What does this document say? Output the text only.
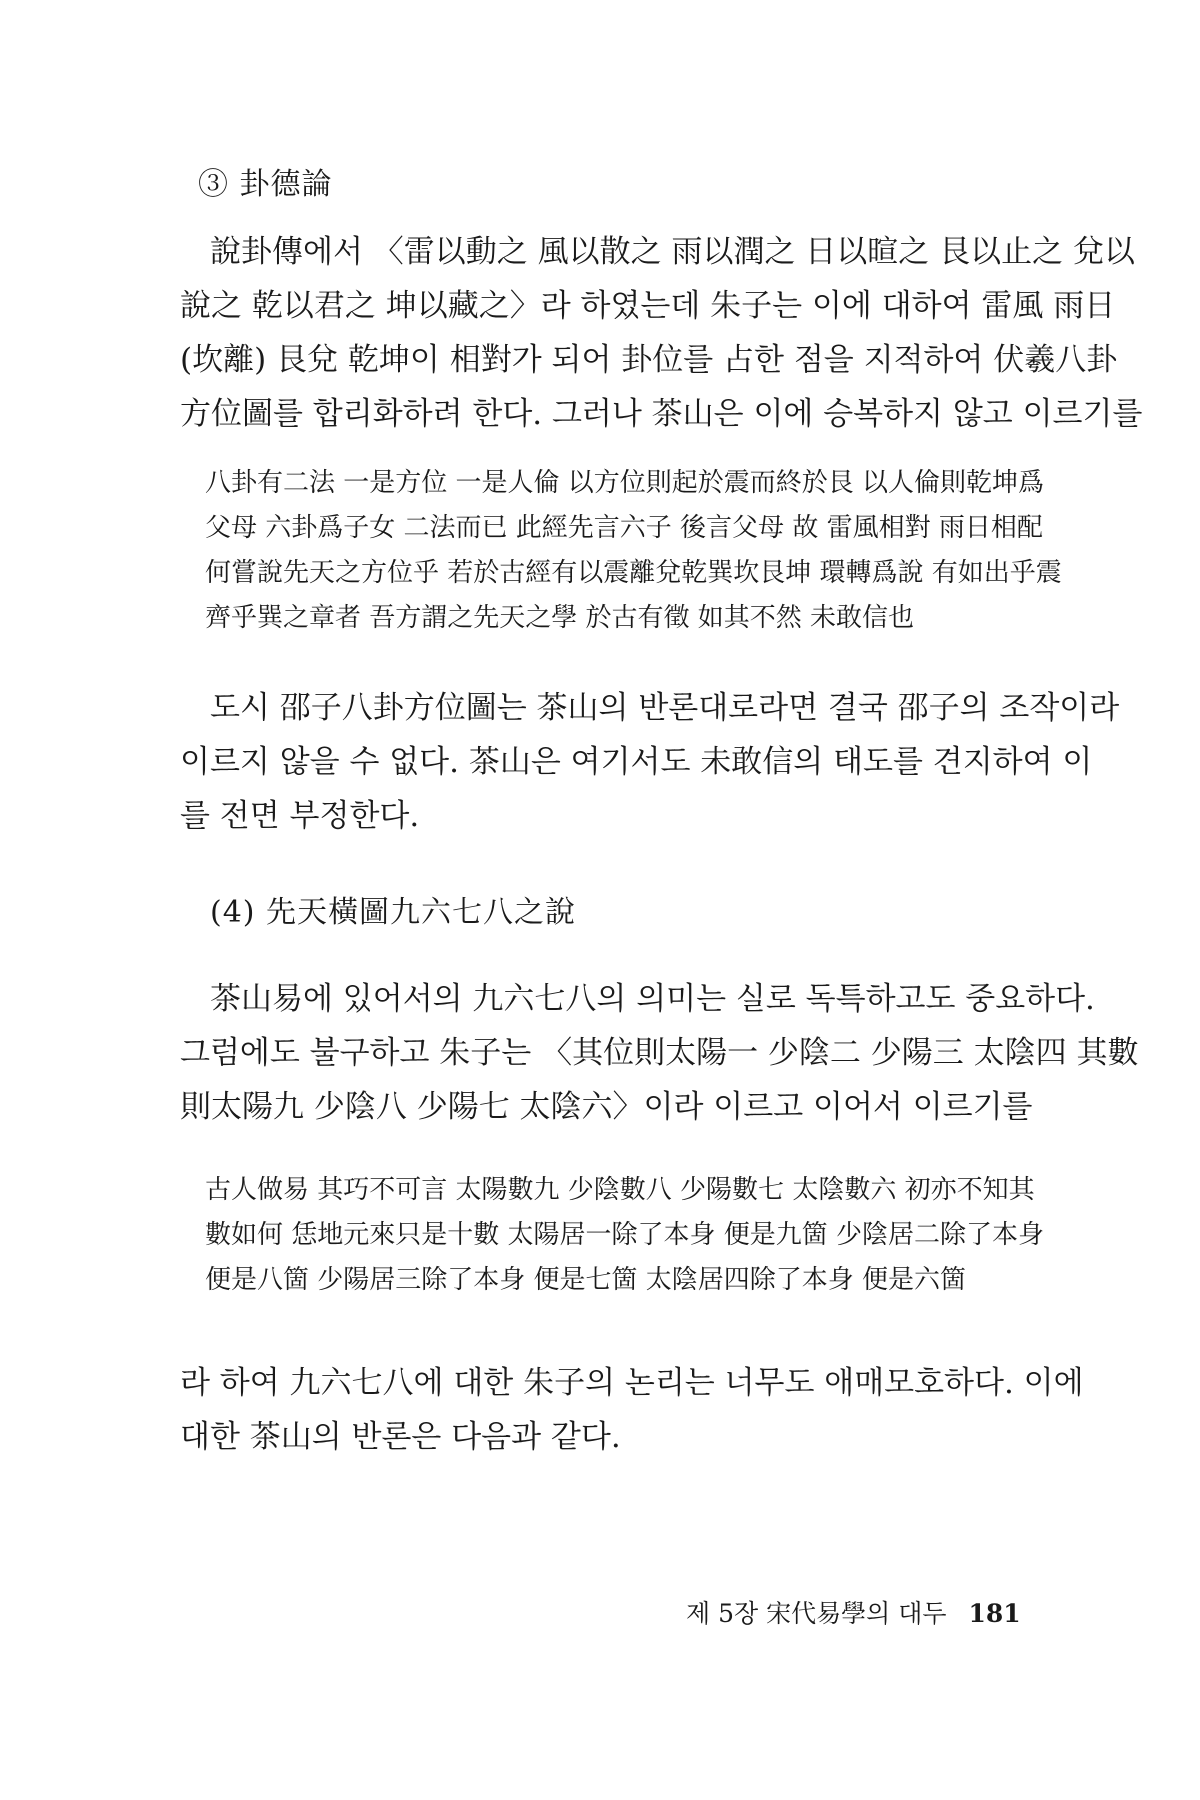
③ 卦德論
說卦傳에서 〈雷以動之 風以散之 雨以潤之 日以暄之 艮以止之 兌以
說之 乾以君之 坤以藏之〉라 하였는데 朱子는 이에 대하여 雷風 雨日
(坎離) 艮兌 乾坤이 相對가 되어 卦位를 占한 점을 지적하여 伏羲八卦
方位圖를 합리화하려 한다. 그러나 茶山은 이에 승복하지 않고 이르기를
八卦有二法 一是方位 一是人倫 以方位則起於震而終於艮 以人倫則乾坤爲
父母 六卦爲子女 二法而已 此經先言六子 後言父母 故 雷風相對 雨日相配
何嘗說先天之方位乎 若於古經有以震離兌乾巽坎艮坤 環轉爲說 有如出乎震
齊乎巽之章者 吾方謂之先天之學 於古有徵 如其不然 未敢信也
도시 邵子八卦方位圖는 茶山의 반론대로라면 결국 邵子의 조작이라
이르지 않을 수 없다. 茶山은 여기서도 未敢信의 태도를 견지하여 이
를 전면 부정한다.
(4) 先天橫圖九六七八之說
茶山易에 있어서의 九六七八의 의미는 실로 독특하고도 중요하다.
그럼에도 불구하고 朱子는 〈其位則太陽一 少陰二 少陽三 太陰四 其數
則太陽九 少陰八 少陽七 太陰六〉이라 이르고 이어서 이르기를
古人做易 其巧不可言 太陽數九 少陰數八 少陽數七 太陰數六 初亦不知其
數如何 恁地元來只是十數 太陽居一除了本身 便是九箇 少陰居二除了本身
便是八箇 少陽居三除了本身 便是七箇 太陰居四除了本身 便是六箇
라 하여 九六七八에 대한 朱子의 논리는 너무도 애매모호하다. 이에
대한 茶山의 반론은 다음과 같다.
제 5장 宋代易學의 대두 181
